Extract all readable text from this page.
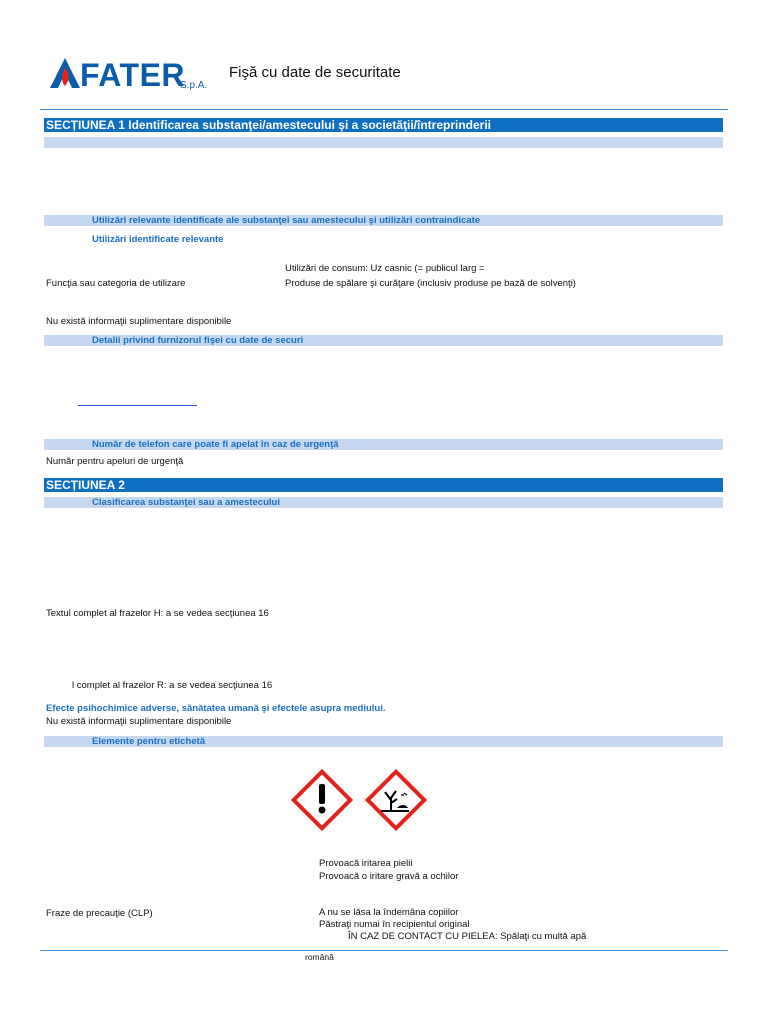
FATER
S.p.A.
Fişă cu date de securitate
SECȚIUNEA 1 Identificarea substanţei/amestecului şi a societăţii/întreprinderii
Utilizări relevante identificate ale substanţei sau amestecului şi utilizări contraindicate
Utilizări identificate relevante
Utilizări de consum: Uz casnic (= publicul larg =
Funcţia sau categoria de utilizare	Produse de spălare şi curăţare (inclusiv produse pe bază de solvenţi)
Nu există informaţii suplimentare disponibile
Detalii privind furnizorul fişei cu date de securi
Număr de telefon care poate fi apelat în caz de urgenţă
Număr pentru apeluri de urgenţă
SECȚIUNEA 2
Clasificarea substanţei sau a amestecului
Textul complet al frazelor H: a se vedea secţiunea 16
l complet al frazelor R: a se vedea secţiunea 16
Efecte psihochimice adverse, sănătatea umană şi efectele asupra mediului.
Nu există informaţii suplimentare disponibile
Elemente pentru etichetă
Provoacă iritarea pielii
Provoacă o iritare gravă a ochilor
Fraze de precauţie (CLP)	A nu se lăsa la îndemâna copiilor
Păstraţi numai în recipientul original
ÎN CAZ DE CONTACT CU PIELEA: Spălaţi cu multă apă
română
